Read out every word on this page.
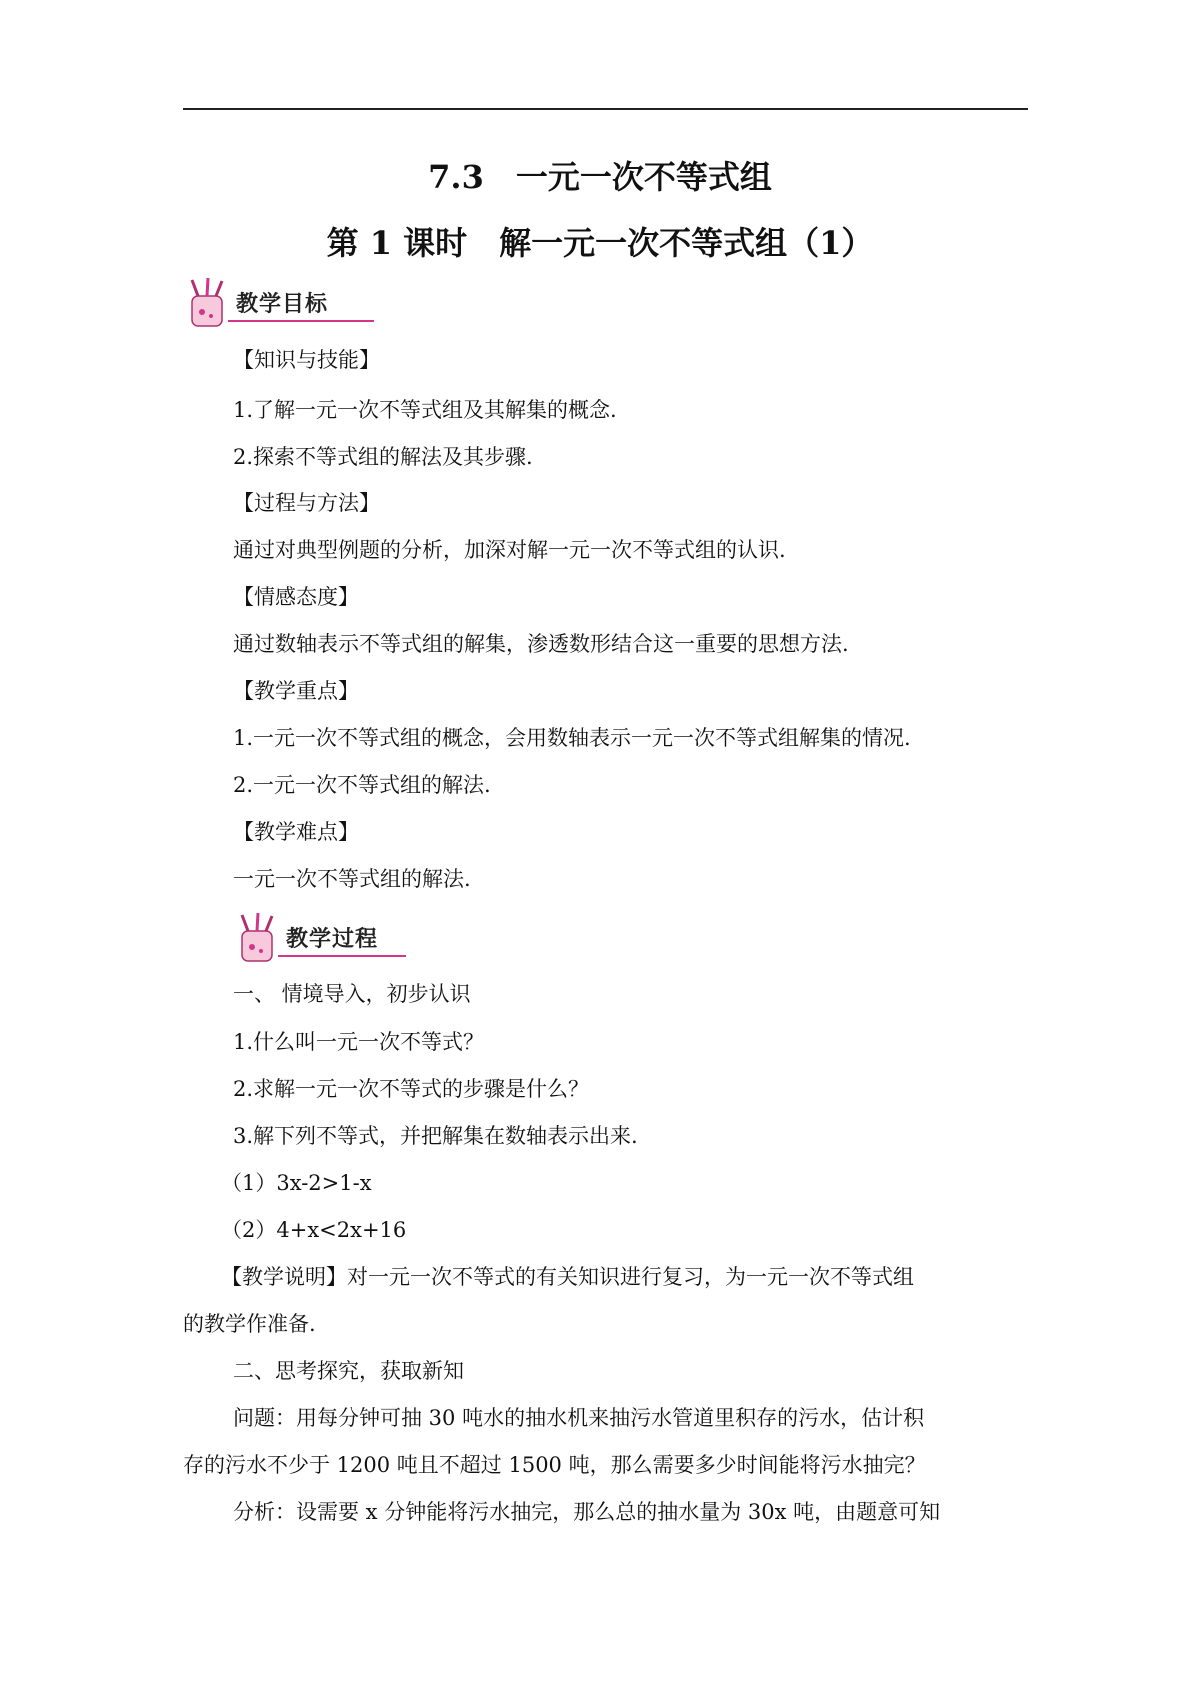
7.3　一元一次不等式组
第 1 课时　解一元一次不等式组（1）
教学目标
【知识与技能】
1.了解一元一次不等式组及其解集的概念.
2.探索不等式组的解法及其步骤.
【过程与方法】
通过对典型例题的分析，加深对解一元一次不等式组的认识.
【情感态度】
通过数轴表示不等式组的解集，渗透数形结合这一重要的思想方法.
【教学重点】
1.一元一次不等式组的概念，会用数轴表示一元一次不等式组解集的情况.
2.一元一次不等式组的解法.
【教学难点】
一元一次不等式组的解法.
教学过程
一、 情境导入，初步认识
1.什么叫一元一次不等式？
2.求解一元一次不等式的步骤是什么？
3.解下列不等式，并把解集在数轴表示出来.
（1）3x-2>1-x
（2）4+x<2x+16
【教学说明】对一元一次不等式的有关知识进行复习，为一元一次不等式组
的教学作准备.
二、思考探究，获取新知
问题：用每分钟可抽 30 吨水的抽水机来抽污水管道里积存的污水，估计积
存的污水不少于 1200 吨且不超过 1500 吨，那么需要多少时间能将污水抽完？
分析：设需要 x 分钟能将污水抽完，那么总的抽水量为 30x 吨，由题意可知
